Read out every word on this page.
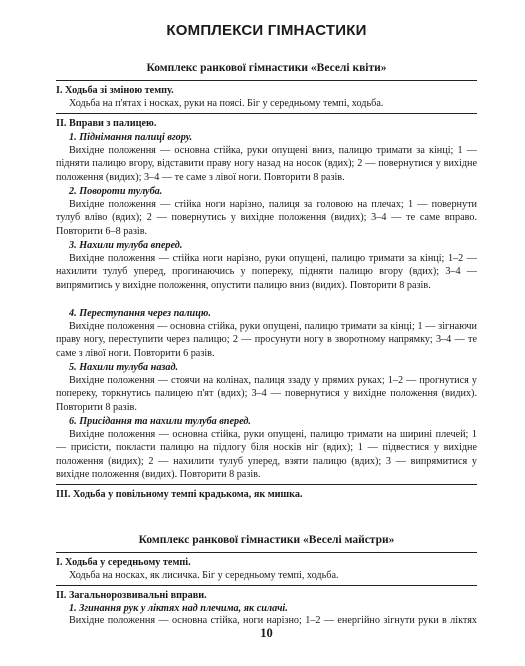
КОМПЛЕКСИ ГІМНАСТИКИ
Комплекс ранкової гімнастики «Веселі квіти»
I. Ходьба зі зміною темпу.

Ходьба на п'ятах і носках, руки на поясі. Біг у середньому темпі, ходьба.

II. Вправи з палицею.
1. Піднімання палиці вгору.

Вихідне положення — основна стійка, руки опущені вниз, палицю тримати за кінці; 1 — підняти палицю вгору, відставити праву ногу назад на носок (вдих); 2 — повернутися у вихідне положення (видих); 3–4 — те саме з лівої ноги. Повторити 8 разів.

2. Повороти тулуба.

Вихідне положення — стійка ноги нарізно, палиця за головою на плечах; 1 — повернути тулуб вліво (вдих); 2 — повернутись у вихідне положення (видих); 3–4 — те саме вправо. Повторити 6–8 разів.

3. Нахили тулуба вперед.

Вихідне положення — стійка ноги нарізно, руки опущені, палицю тримати за кінці; 1–2 — нахилити тулуб уперед, прогинаючись у попереку, підняти палицю вгору (вдих); 3–4 — випрямитись у вихідне положення, опустити палицю вниз (видих). Повторити 8 разів.

4. Переступання через палицю.

Вихідне положення — основна стійка, руки опущені, палицю тримати за кінці; 1 — зігнаючи праву ногу, переступити через палицю; 2 — просунути ногу в зворотному напрямку; 3–4 — те саме з лівої ноги. Повторити 6 разів.

5. Нахили тулуба назад.

Вихідне положення — стоячи на колінах, палиця ззаду у прямих руках; 1–2 — прогнутися у попереку, торкнутись палицею п'ят (вдих); 3–4 — повернутися у вихідне положення (видих). Повторити 8 разів.

6. Присідання та нахили тулуба вперед.

Вихідне положення — основна стійка, руки опущені, палицю тримати на ширині плечей; 1 — присісти, покласти палицю на підлогу біля носків ніг (вдих); 1 — підвестися у вихідне положення (видих); 2 — нахилити тулуб уперед, взяти палицю (вдих); 3 — випрямитися у вихідне положення (видих). Повторити 8 разів.

III. Ходьба у повільному темпі крадькома, як мишка.
Комплекс ранкової гімнастики «Веселі майстри»
I. Ходьба у середньому темпі.

Ходьба на носках, як лисичка. Біг у середньому темпі, ходьба.

II. Загальнорозвивальні вправи.
1. Згинання рук у ліктях над плечима, як силачі.

10

Вихідне положення — основна стійка, ноги нарізно; 1–2 — енергійно зігнути руки в ліктях
